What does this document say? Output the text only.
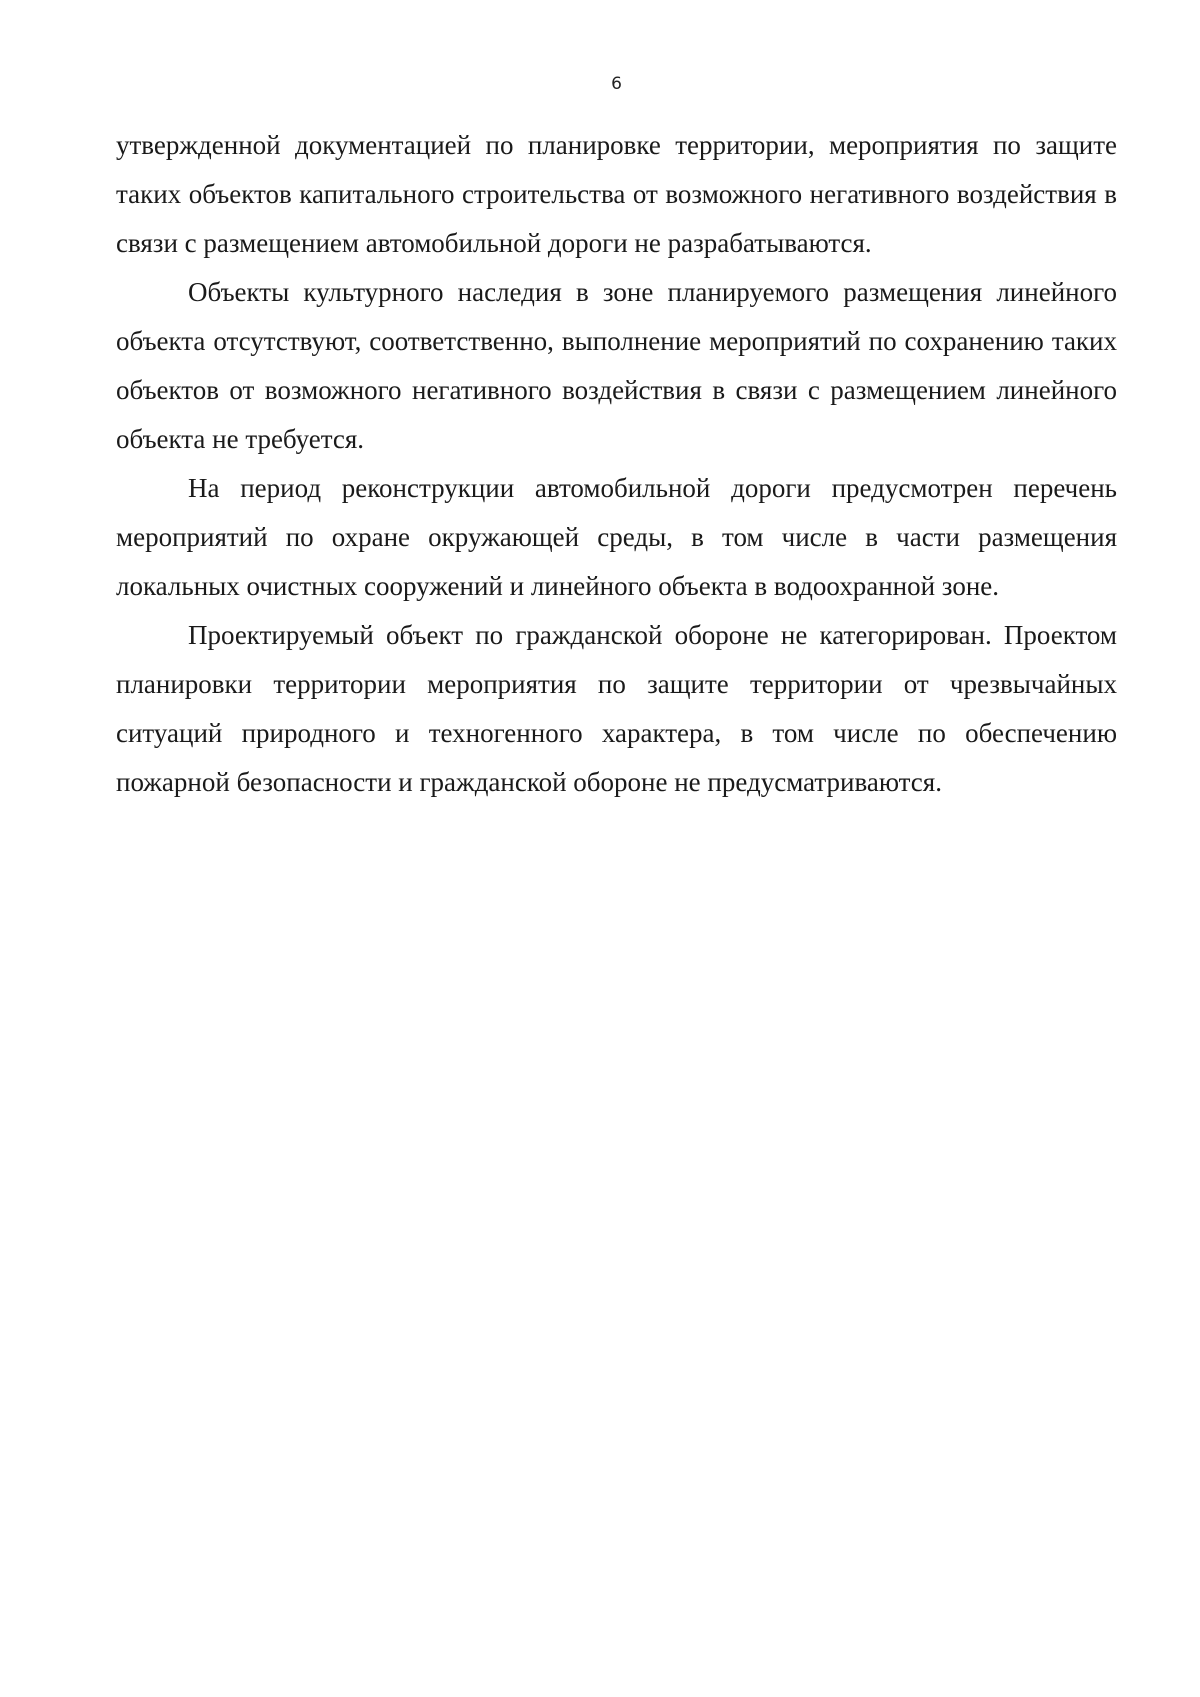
6

утвержденной документацией по планировке территории, мероприятия по защите таких объектов капитального строительства от возможного негативного воздействия в связи с размещением автомобильной дороги не разрабатываются.

Объекты культурного наследия в зоне планируемого размещения линейного объекта отсутствуют, соответственно, выполнение мероприятий по сохранению таких объектов от возможного негативного воздействия в связи с размещением линейного объекта не требуется.

На период реконструкции автомобильной дороги предусмотрен перечень мероприятий по охране окружающей среды, в том числе в части размещения локальных очистных сооружений и линейного объекта в водоохранной зоне.

Проектируемый объект по гражданской обороне не категорирован. Проектом планировки территории мероприятия по защите территории от чрезвычайных ситуаций природного и техногенного характера, в том числе по обеспечению пожарной безопасности и гражданской обороне не предусматриваются.
